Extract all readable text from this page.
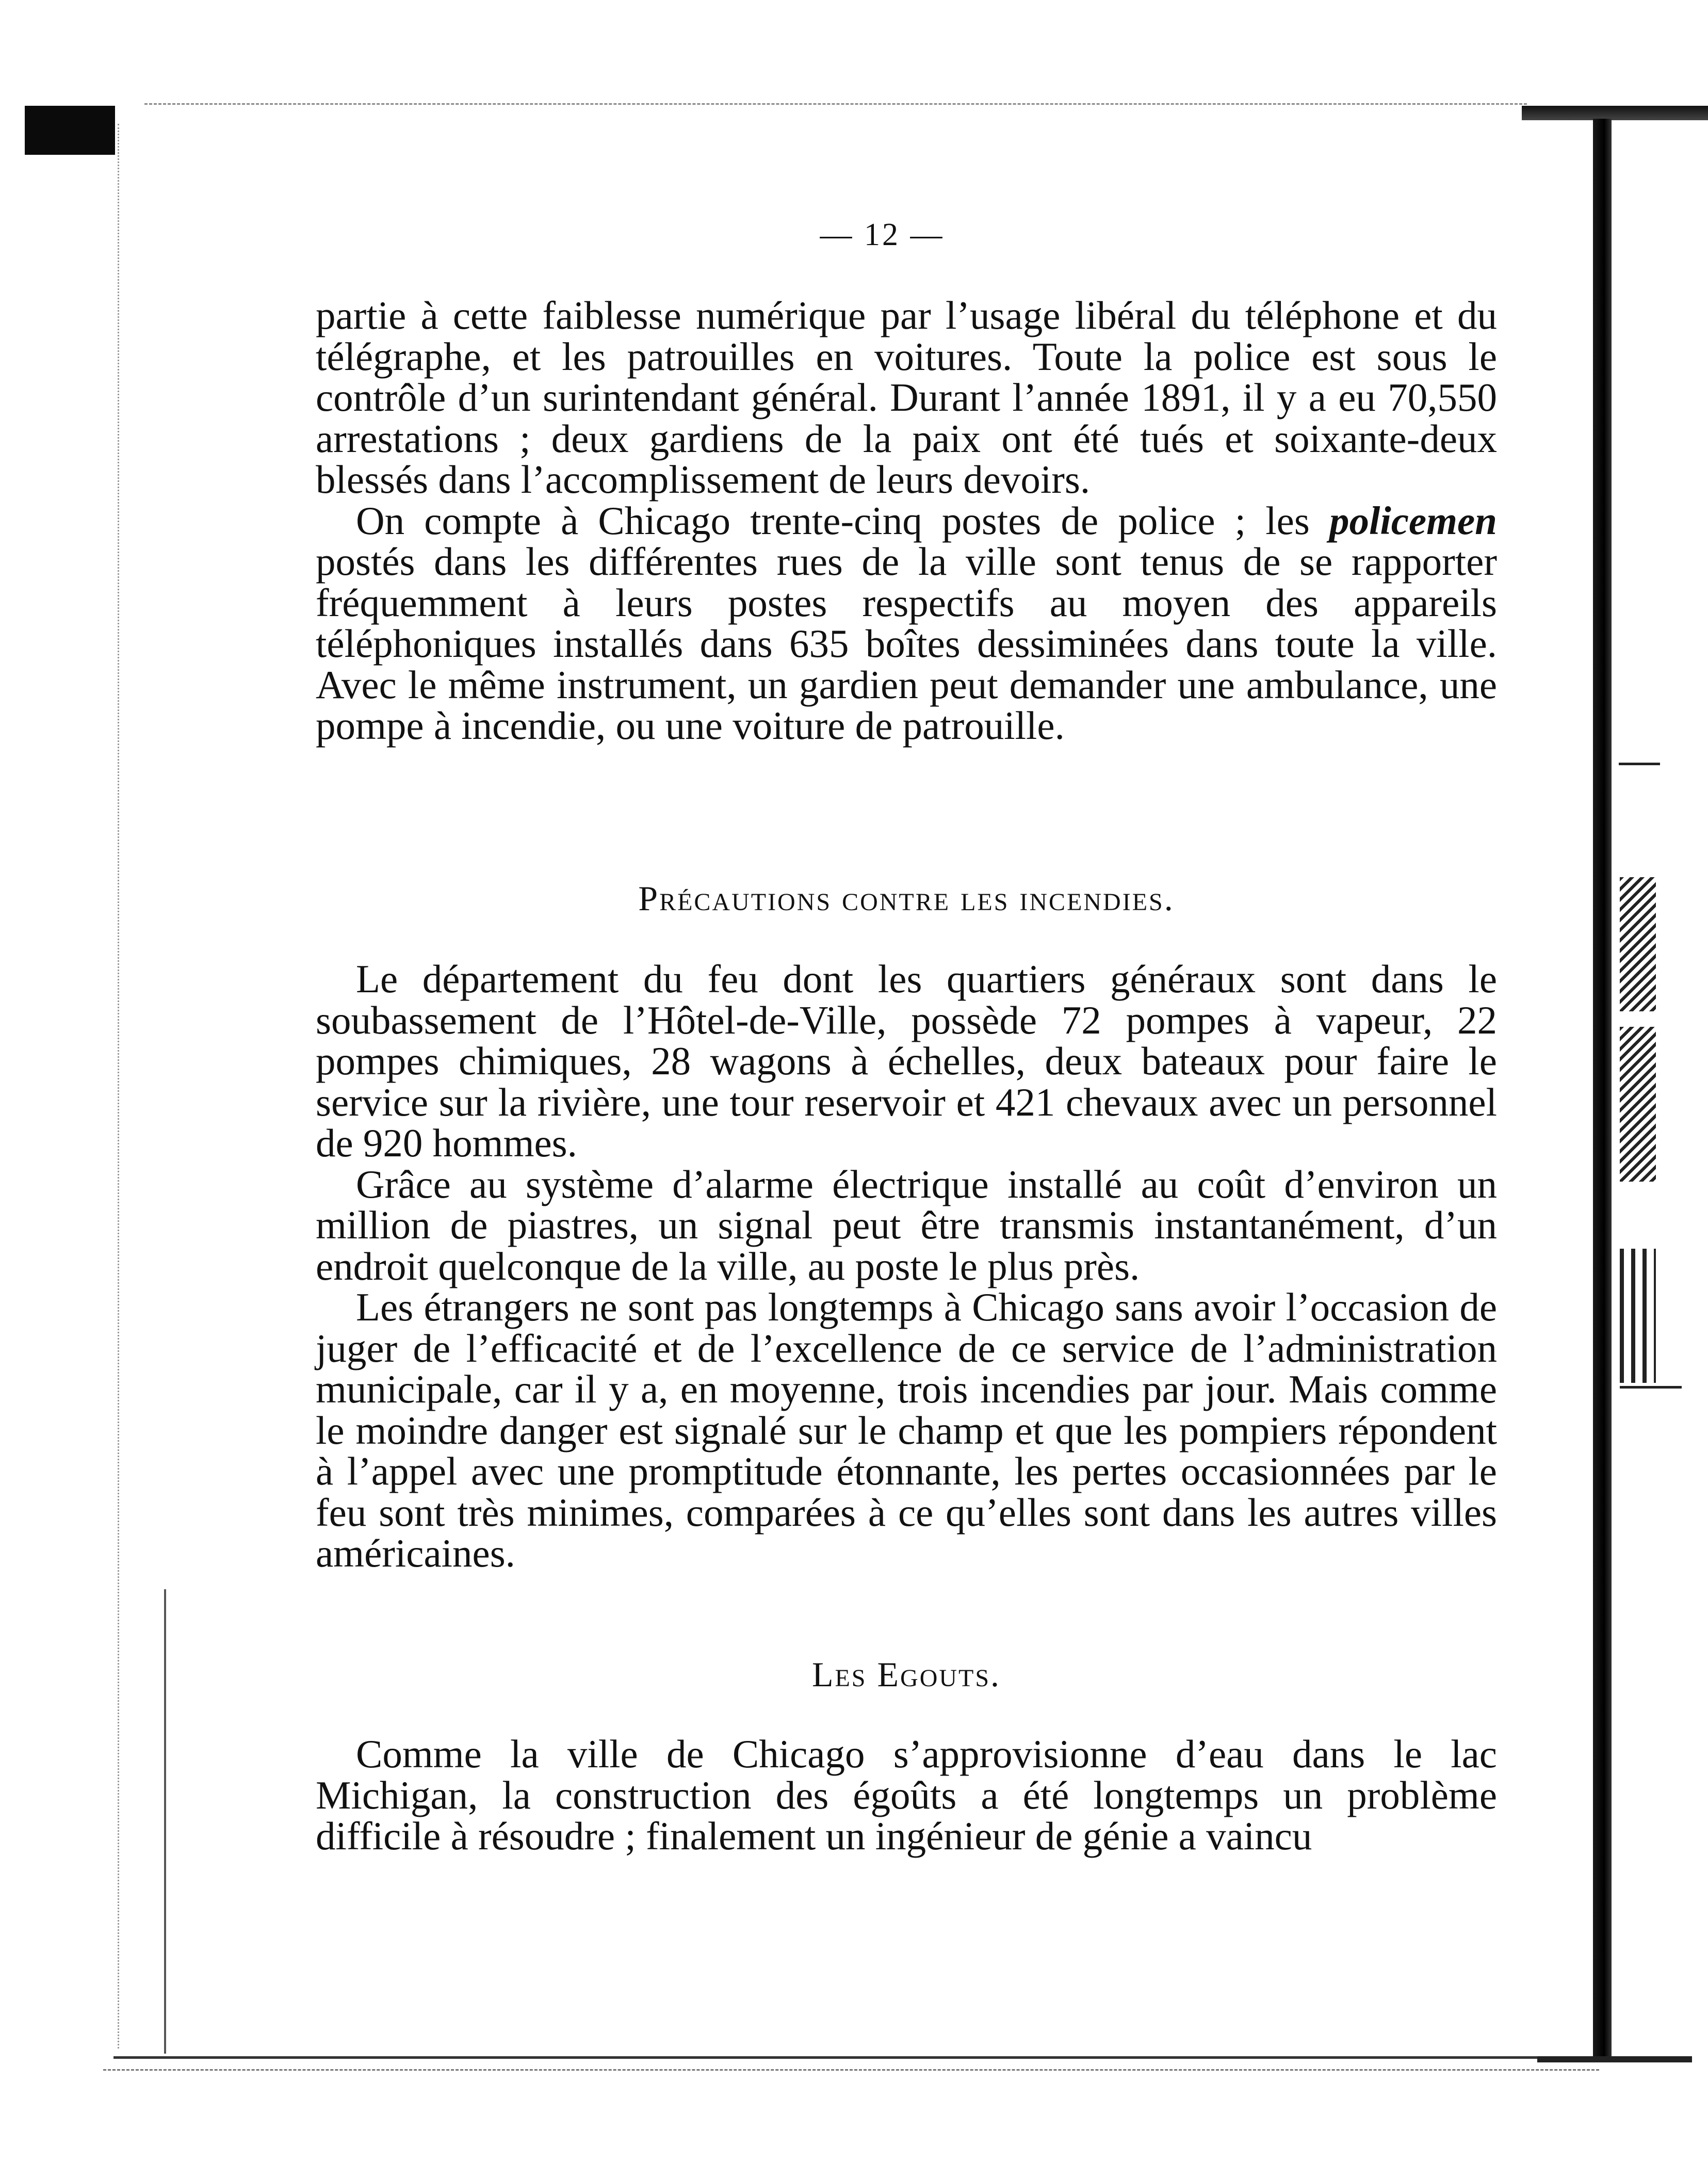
— 12 —

partie à cette faiblesse numérique par l’usage libéral du téléphone et du télégraphe, et les patrouilles en voitures. Toute la police est sous le contrôle d’un surintendant général. Durant l’année 1891, il y a eu 70,550 arrestations ; deux gardiens de la paix ont été tués et soixante-deux blessés dans l’accomplissement de leurs devoirs.

On compte à Chicago trente-cinq postes de police ; les policemen postés dans les différentes rues de la ville sont tenus de se rapporter fréquemment à leurs postes respectifs au moyen des appareils téléphoniques installés dans 635 boîtes dessiminées dans toute la ville. Avec le même instrument, un gardien peut demander une ambulance, une pompe à incendie, ou une voiture de patrouille.

Précautions contre les incendies.

Le département du feu dont les quartiers généraux sont dans le soubassement de l’Hôtel-de-Ville, possède 72 pompes à vapeur, 22 pompes chimiques, 28 wagons à échelles, deux bateaux pour faire le service sur la rivière, une tour reservoir et 421 chevaux avec un personnel de 920 hommes.

Grâce au système d’alarme électrique installé au coût d’environ un million de piastres, un signal peut être transmis instantanément, d’un endroit quelconque de la ville, au poste le plus près.

Les étrangers ne sont pas longtemps à Chicago sans avoir l’occasion de juger de l’efficacité et de l’excellence de ce service de l’administration municipale, car il y a, en moyenne, trois incendies par jour. Mais comme le moindre danger est signalé sur le champ et que les pompiers répondent à l’appel avec une promptitude étonnante, les pertes occasionnées par le feu sont très minimes, comparées à ce qu’elles sont dans les autres villes américaines.

Les Egouts.

Comme la ville de Chicago s’approvisionne d’eau dans le lac Michigan, la construction des égoûts a été longtemps un problème difficile à résoudre ; finalement un ingénieur de génie a vaincu
